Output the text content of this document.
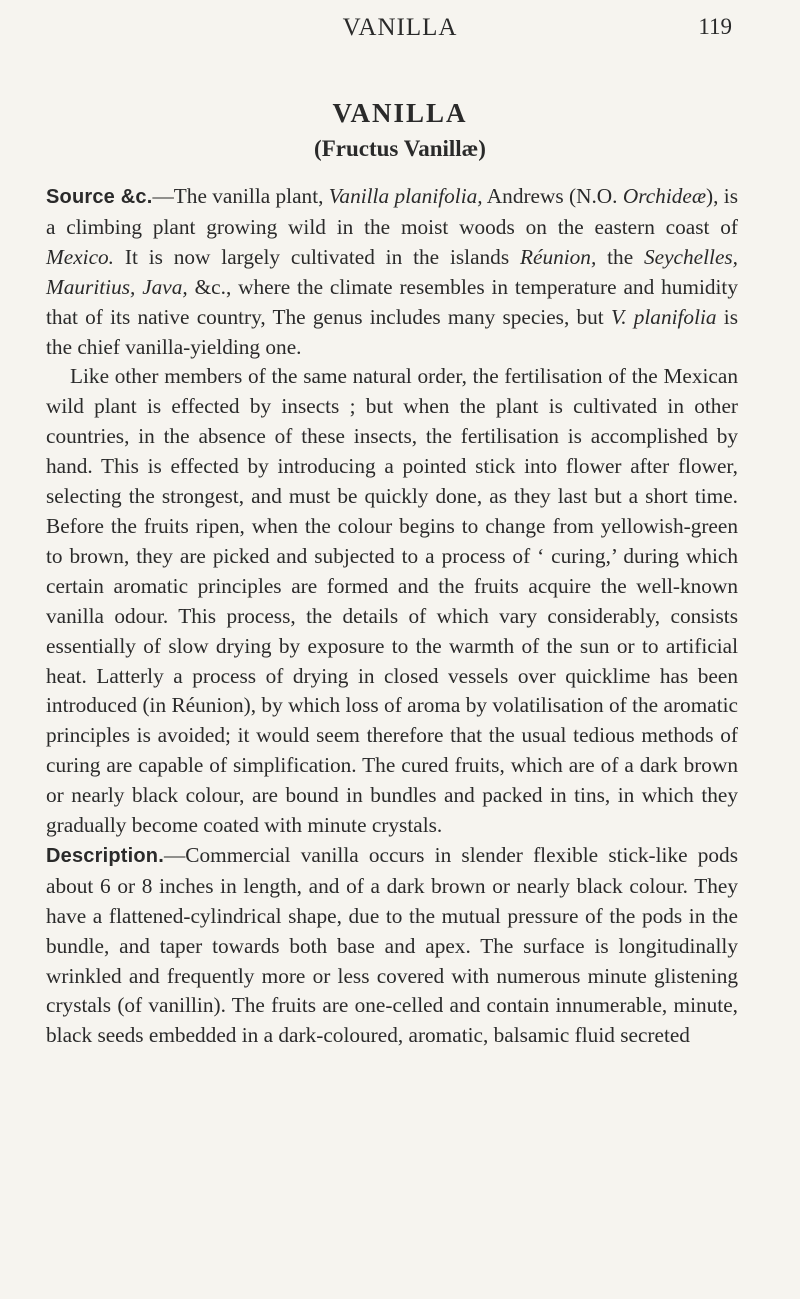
VANILLA	119
VANILLA
(Fructus Vanillæ)

Source &c.—The vanilla plant, Vanilla planifolia, Andrews (N.O. Orchideæ), is a climbing plant growing wild in the moist woods on the eastern coast of Mexico. It is now largely cultivated in the islands Réunion, the Seychelles, Mauritius, Java, &c., where the climate resembles in temperature and humidity that of its native country, The genus includes many species, but V. planifolia is the chief vanilla-yielding one.

Like other members of the same natural order, the fertilisation of the Mexican wild plant is effected by insects ; but when the plant is cultivated in other countries, in the absence of these insects, the fertilisation is accomplished by hand. This is effected by introducing a pointed stick into flower after flower, selecting the strongest, and must be quickly done, as they last but a short time. Before the fruits ripen, when the colour begins to change from yellowish-green to brown, they are picked and subjected to a process of ‘ curing,’ during which certain aromatic principles are formed and the fruits acquire the well-known vanilla odour. This process, the details of which vary considerably, consists essentially of slow drying by exposure to the warmth of the sun or to artificial heat. Latterly a process of drying in closed vessels over quicklime has been introduced (in Réunion), by which loss of aroma by volatilisation of the aromatic principles is avoided; it would seem therefore that the usual tedious methods of curing are capable of simplification. The cured fruits, which are of a dark brown or nearly black colour, are bound in bundles and packed in tins, in which they gradually become coated with minute crystals.

Description.—Commercial vanilla occurs in slender flexible stick-like pods about 6 or 8 inches in length, and of a dark brown or nearly black colour. They have a flattened-cylindrical shape, due to the mutual pressure of the pods in the bundle, and taper towards both base and apex. The surface is longitudinally wrinkled and frequently more or less covered with numerous minute glistening crystals (of vanillin). The fruits are one-celled and contain innumerable, minute, black seeds embedded in a dark-coloured, aromatic, balsamic fluid secreted
